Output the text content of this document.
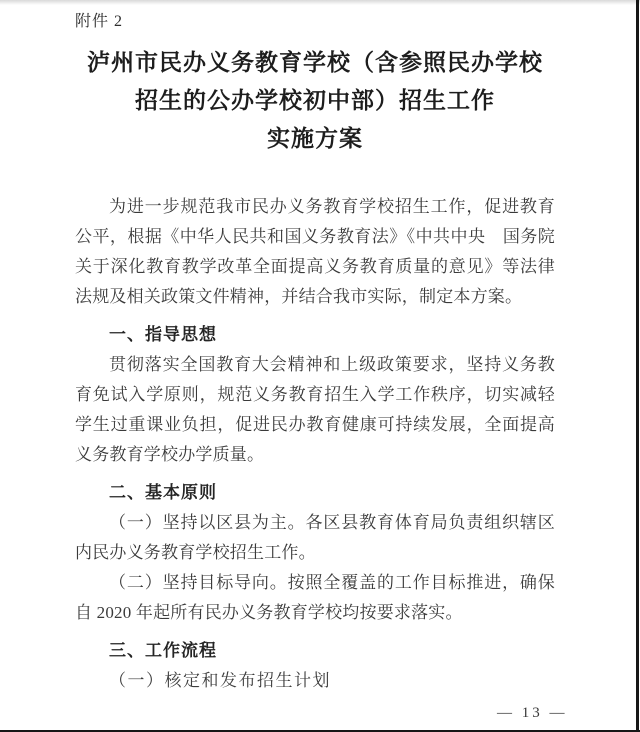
附件 2
泸州市民办义务教育学校（含参照民办学校
招生的公办学校初中部）招生工作
实施方案

为进一步规范我市民办义务教育学校招生工作，促进教育公平，根据《中华人民共和国义务教育法》《中共中央　国务院关于深化教育教学改革全面提高义务教育质量的意见》等法律法规及相关政策文件精神，并结合我市实际，制定本方案。

一、指导思想

贯彻落实全国教育大会精神和上级政策要求，坚持义务教育免试入学原则，规范义务教育招生入学工作秩序，切实减轻学生过重课业负担，促进民办教育健康可持续发展，全面提高义务教育学校办学质量。

二、基本原则

（一）坚持以区县为主。各区县教育体育局负责组织辖区内民办义务教育学校招生工作。

（二）坚持目标导向。按照全覆盖的工作目标推进，确保自 2020 年起所有民办义务教育学校均按要求落实。

三、工作流程

（一）核定和发布招生计划

— 13 —
